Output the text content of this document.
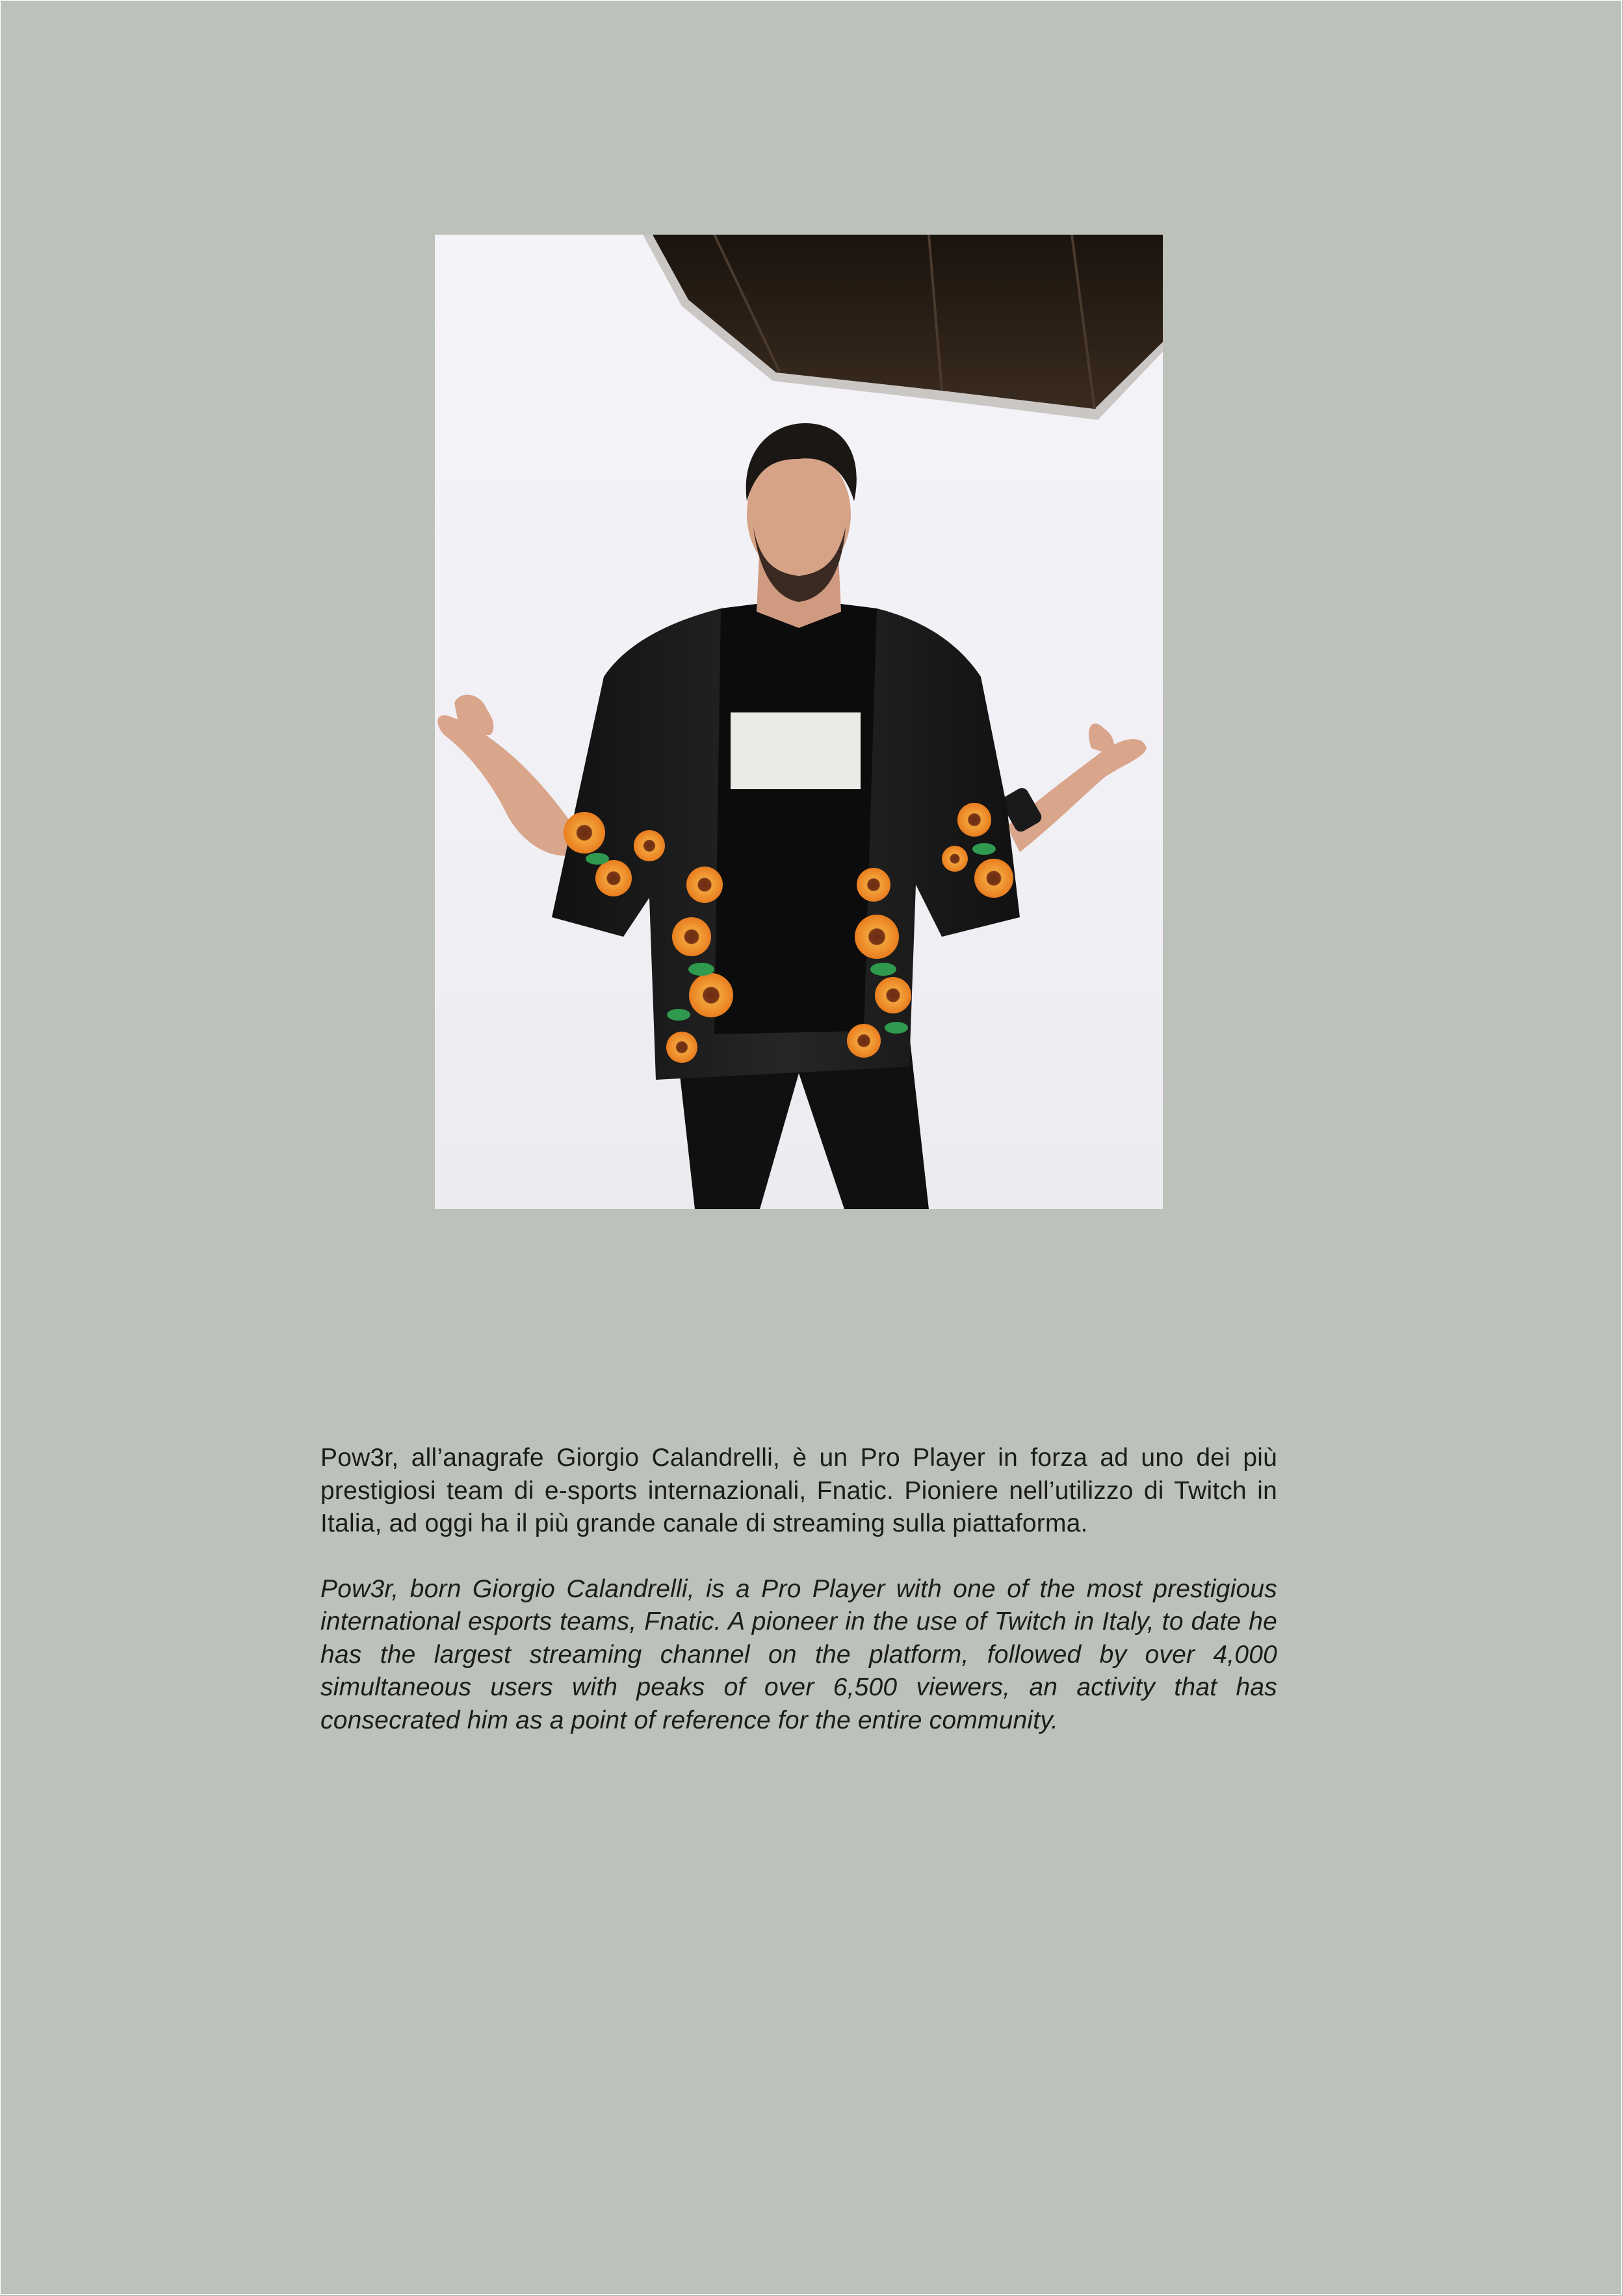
Pow3r, all’anagrafe Giorgio Calandrelli, è un Pro Player in forza ad uno dei più prestigiosi team di e-sports internazionali, Fnatic. Pioniere nell’utilizzo di Twitch in Italia, ad oggi ha il più grande canale di streaming sulla piattaforma.

Pow3r, born Giorgio Calandrelli, is a Pro Player with one of the most prestigious international esports teams, Fnatic. A pioneer in the use of Twitch in Italy, to date he has the largest streaming channel on the platform, followed by over 4,000 simultaneous users with peaks of over 6,500 viewers, an activity that has consecrated him as a point of reference for the entire community.
